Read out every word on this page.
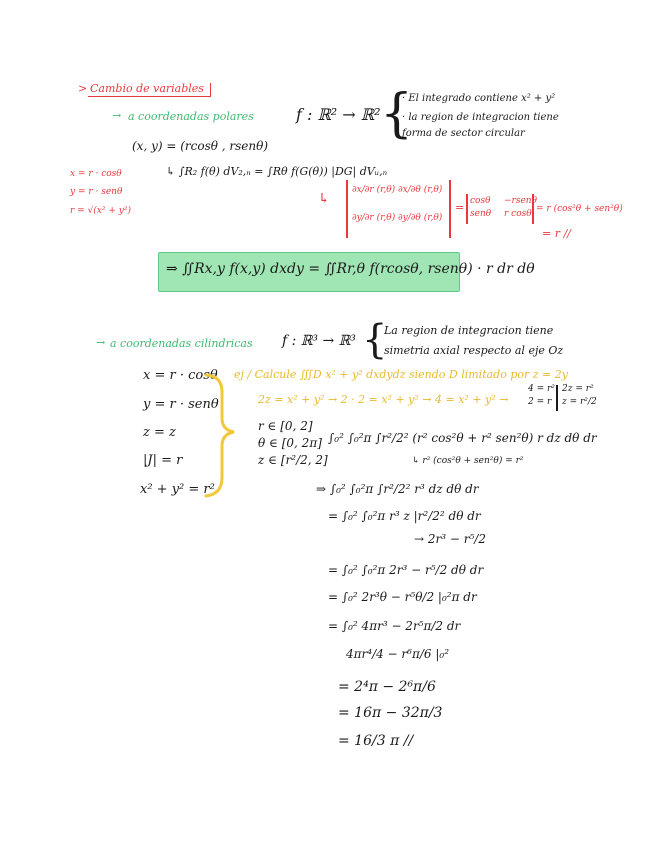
> Cambio de variables
→ a coordenadas polares	f : ℝ² → ℝ² {
· El integrado contiene x² + y²
· la region de integracion tiene
forma de sector circular
(x, y) = (rcosθ , rsenθ)
x = r · cosθ
y = r · senθ
r = √(x² + y²)
↳ ∫R₂ f(θ) dV₂,ₙ = ∫Rθ f(G(θ)) |DG| dVᵤ,ₙ
↳
∂x/∂r (r,θ) ∂x/∂θ (r,θ)
∂y/∂r (r,θ) ∂y/∂θ (r,θ)
= cosθ −rsenθ
senθ r cosθ = r (cos²θ + sen²θ)
= r //
⇒ ∬Rx,y f(x,y) dxdy = ∬Rr,θ f(rcosθ, rsenθ) · r dr dθ
→ a coordenadas cilindricas f : ℝ³ → ℝ³ {
La region de integracion tiene
simetria axial respecto al eje Oz
x = r · cosθ
y = r · senθ
z = z
|J| = r
x² + y² = r²
ej / Calcule ∭D x² + y² dxdydz siendo D limitado por z = 2y
2z = x² + y² → 2 · 2 = x² + y² → 4 = x² + y² →
4 = r²
2 = r
2z = r²
z = r²/2
r ∈ [0, 2]
θ ∈ [0, 2π]
z ∈ [r²/2, 2]
∫₀² ∫₀²π ∫r²/2² (r² cos²θ + r² sen²θ) r dz dθ dr
↳ r² (cos²θ + sen²θ) = r²
⇒ ∫₀² ∫₀²π ∫r²/2² r³ dz dθ dr
= ∫₀² ∫₀²π r³ z |r²/2² dθ dr
→ 2r³ − r⁵/2
= ∫₀² ∫₀²π 2r³ − r⁵/2 dθ dr
= ∫₀² 2r³θ − r⁵θ/2 |₀²π dr
= ∫₀² 4πr³ − 2r⁵π/2 dr
4πr⁴/4 − r⁶π/6 |₀²
= 2⁴π − 2⁶π/6
= 16π − 32π/3
= 16/3 π //
